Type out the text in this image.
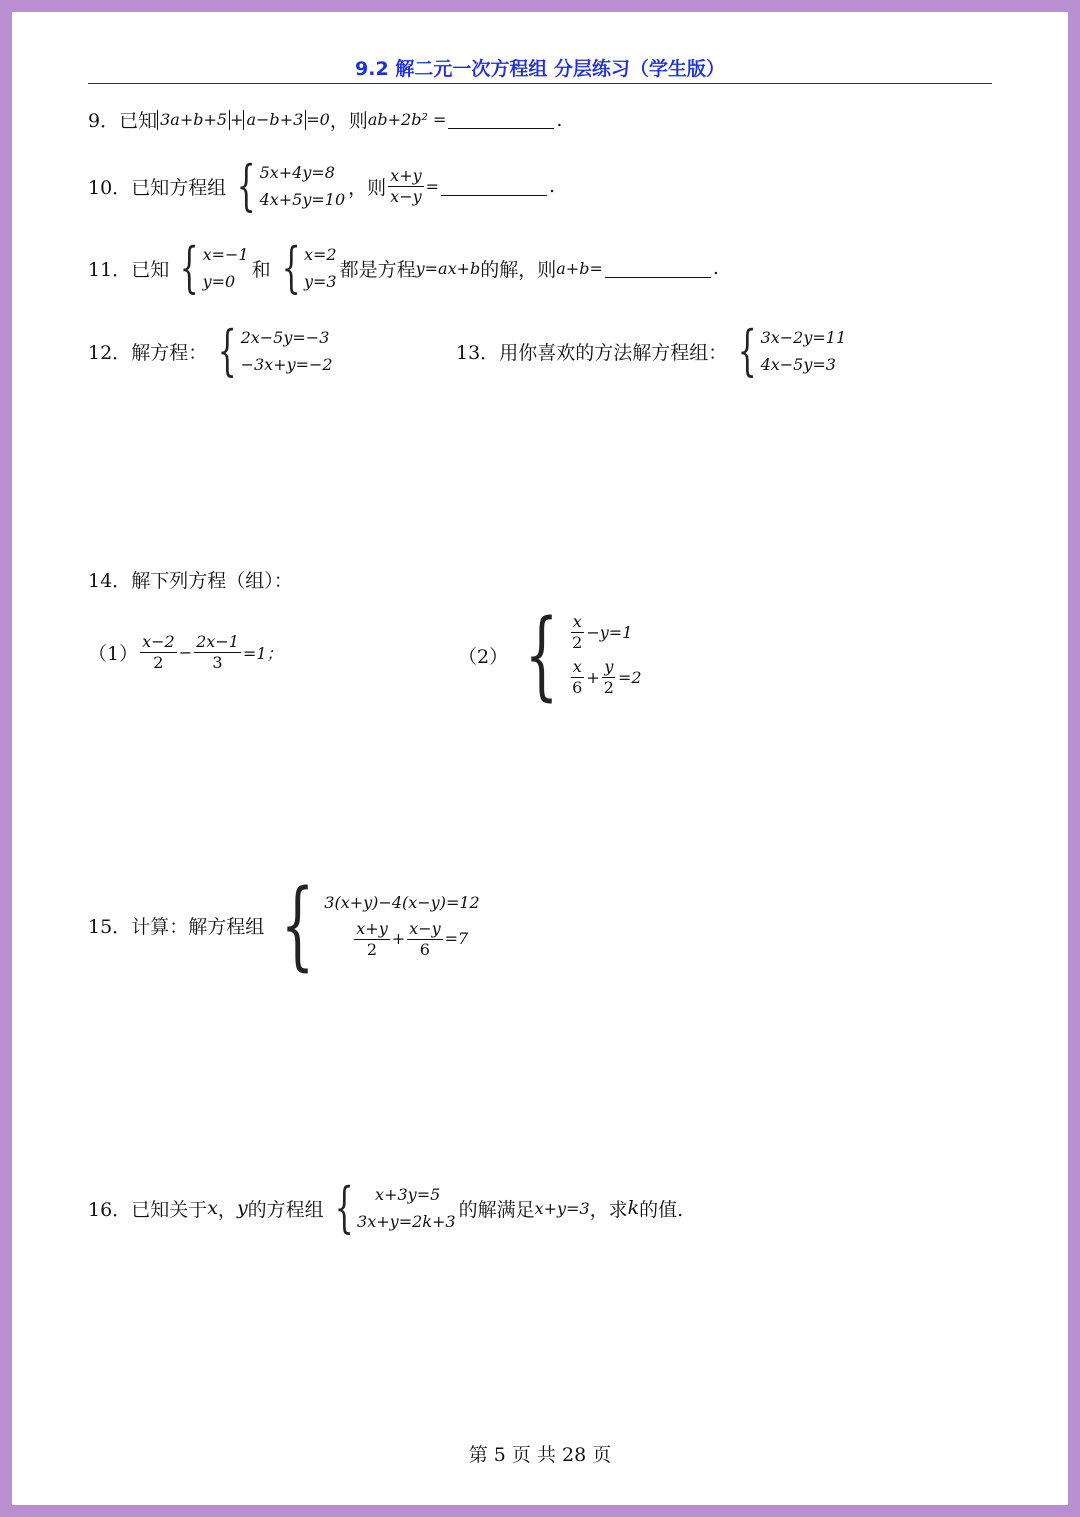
9.2 解二元一次方程组 分层练习（学生版）
9． 已知 3a+b+5 + a−b+3 =0 ，则 ab+2b² =	.
10． 已知方程组 { 5x+4y=8
4x+5y=10
，则 $\frac{x+y}{x-y}$ =	.
11． 已知 { x=−1
y=0
和 { x=2
y=3
都是方程 y=ax+b 的解，则 a+b=	.
12． 解方程： { 2x−5y=−3
−3x+y=−2
13． 用你喜欢的方法解方程组： { 3x−2y=11
4x−5y=3
14． 解下列方程（组）：
$(1) \frac{x-2}{2} - \frac{2x-1}{3} =1$；	（2） { $\frac{x}{2} -y=1$
$\frac{x}{6} + \frac{y}{2} =2$
15． 计算：解方程组 { 3(x+y)−4(x−y)=12
$\frac{x+y}{2} + \frac{x-y}{6} =7$
16． 已知关于 x ， y 的方程组 {	x+3y=5
3x+y=2k+3
的解满足 x+y=3 ，求 k 的值.
第 5 页 共 28 页
